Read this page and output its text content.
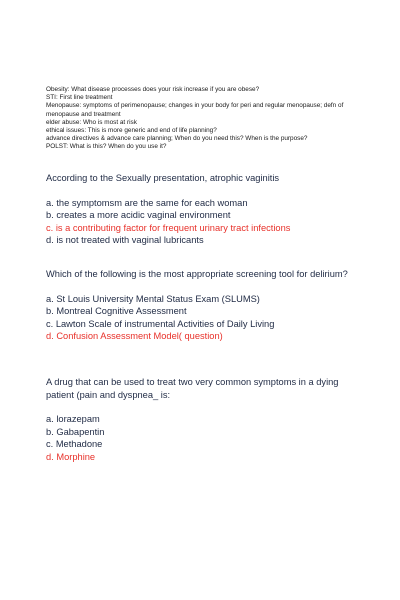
Obesity: What disease processes does your risk increase if you are obese?
STI: First line treatment
Menopause: symptoms of perimenopause; changes in your body for peri and regular menopause; defn of menopause and treatment
elder abuse: Who is most at risk
ethical issues: This is more generic and end of life planning?
advance directives & advance care planning; When do you need this? When is the purpose?
POLST: What is this? When do you use it?
According to the Sexually presentation, atrophic vaginitis
a. the symptomsm are the same for each woman
b. creates a more acidic vaginal environment
c. is a contributing factor for frequent urinary tract infections
d. is not treated with vaginal lubricants
Which of the following is the most appropriate screening tool for delirium?
a. St Louis University Mental Status Exam (SLUMS)
b. Montreal Cognitive Assessment
c. Lawton Scale of instrumental Activities of Daily Living
d. Confusion Assessment Model( question)
A drug that can be used to treat two very common symptoms in a dying patient (pain and dyspnea_ is:
a. lorazepam
b. Gabapentin
c. Methadone
d. Morphine
